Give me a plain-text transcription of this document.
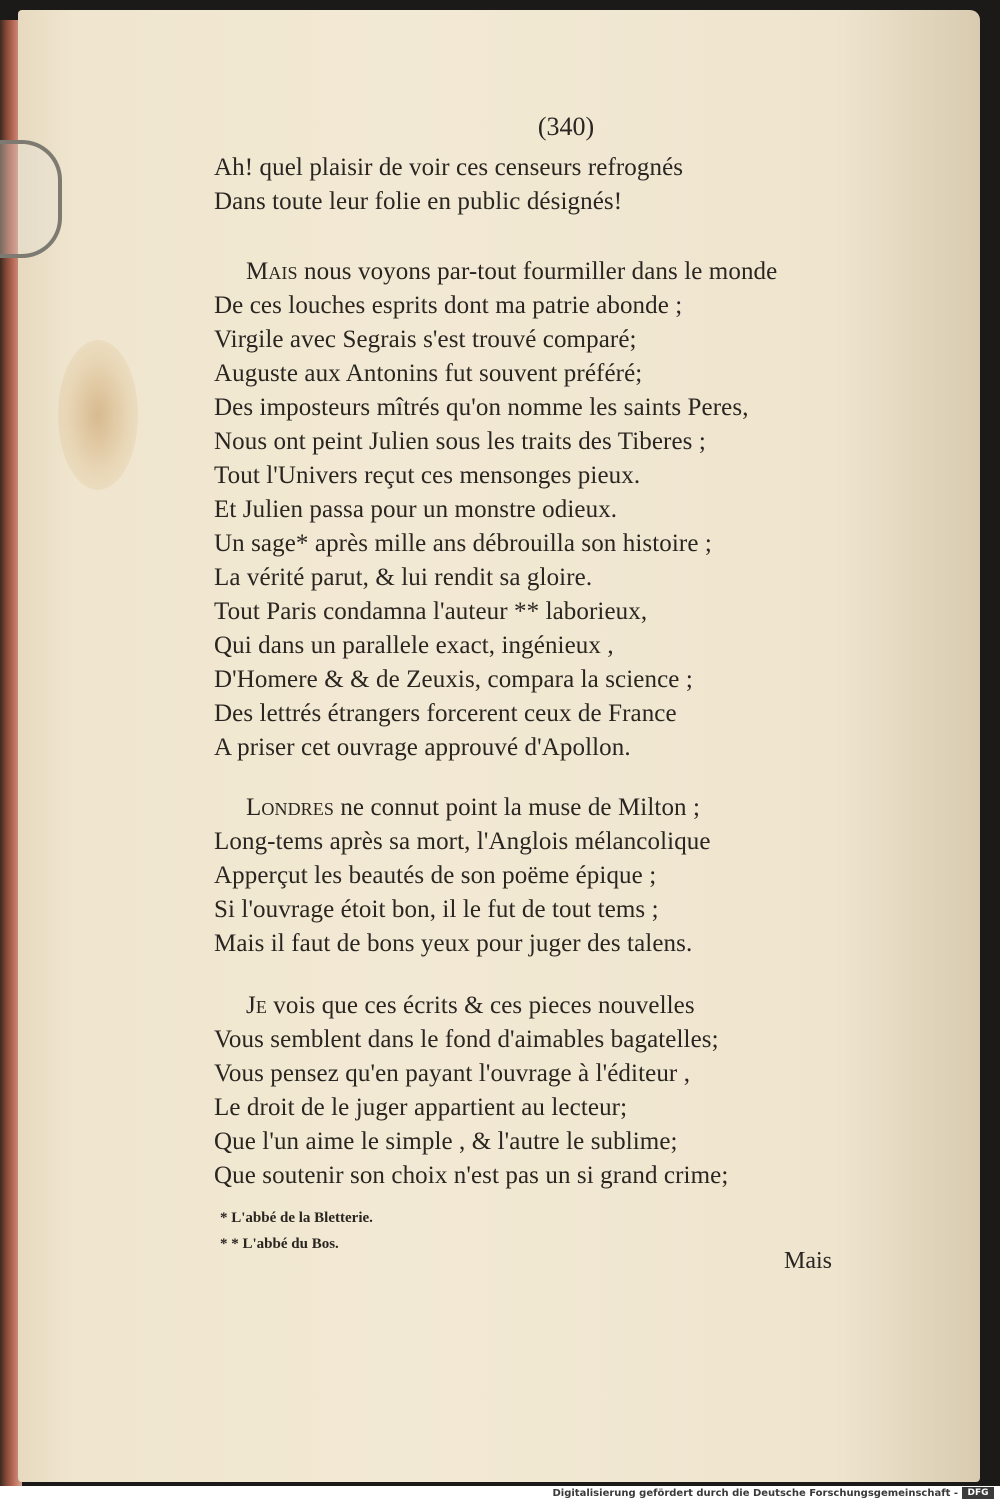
(340)
Ah! quel plaisir de voir ces censeurs refrognés
Dans toute leur folie en public désignés!
Mais nous voyons par-tout fourmiller dans le monde
De ces louches esprits dont ma patrie abonde ;
Virgile avec Segrais s'est trouvé comparé;
Auguste aux Antonins fut souvent préféré;
Des imposteurs mîtrés qu'on nomme les saints Peres,
Nous ont peint Julien sous les traits des Tiberes ;
Tout l'Univers reçut ces mensonges pieux.
Et Julien passa pour un monstre odieux.
Un sage* après mille ans débrouilla son histoire ;
La vérité parut, & lui rendit sa gloire.
Tout Paris condamna l'auteur ** laborieux,
Qui dans un parallele exact, ingénieux ,
D'Homere & & de Zeuxis, compara la science ;
Des lettrés étrangers forcerent ceux de France
A priser cet ouvrage approuvé d'Apollon.
Londres ne connut point la muse de Milton ;
Long-tems après sa mort, l'Anglois mélancolique
Apperçut les beautés de son poëme épique ;
Si l'ouvrage étoit bon, il le fut de tout tems ;
Mais il faut de bons yeux pour juger des talens.
Je vois que ces écrits & ces pieces nouvelles
Vous semblent dans le fond d'aimables bagatelles;
Vous pensez qu'en payant l'ouvrage à l'éditeur ,
Le droit de le juger appartient au lecteur;
Que l'un aime le simple , & l'autre le sublime;
Que soutenir son choix n'est pas un si grand crime;
* L'abbé de la Bletterie.
* * L'abbé du Bos.
Mais
Digitalisierung gefördert durch die Deutsche Forschungsgemeinschaft -	DFG
